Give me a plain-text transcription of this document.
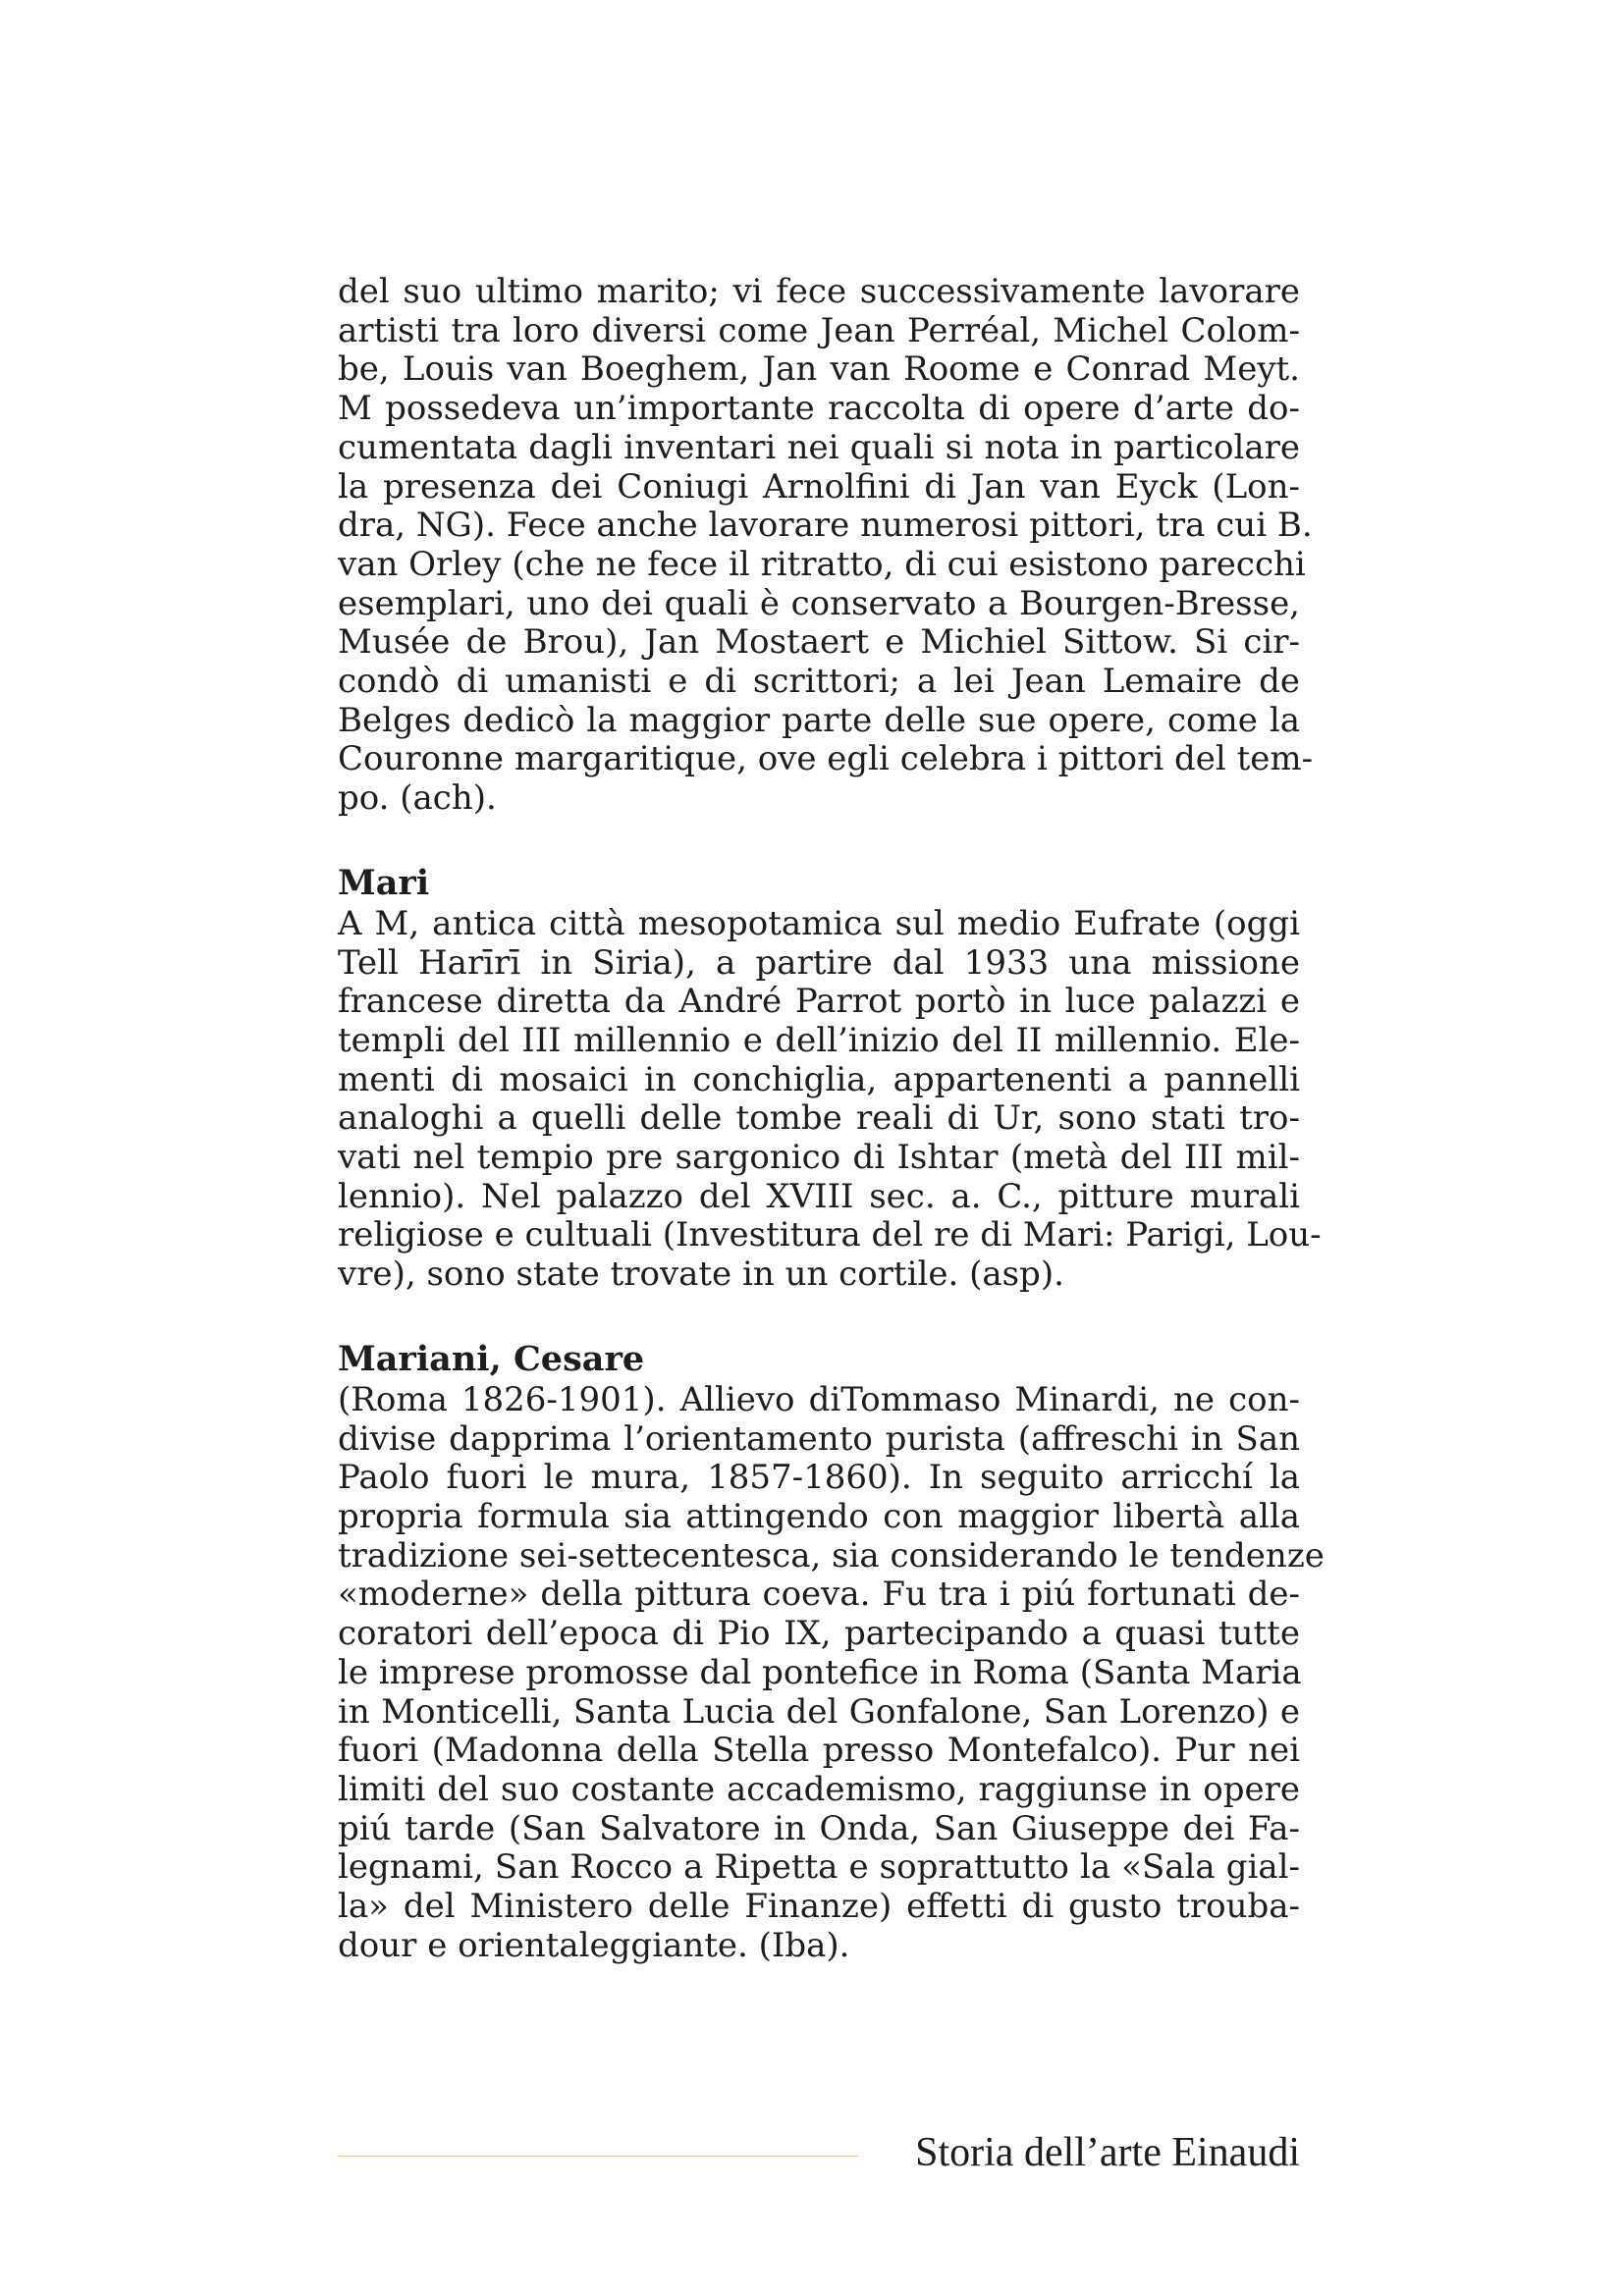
del suo ultimo marito; vi fece successivamente lavorare
artisti tra loro diversi come Jean Perréal, Michel Colom-
be, Louis van Boeghem, Jan van Roome e Conrad Meyt.
M possedeva un’importante raccolta di opere d’arte do-
cumentata dagli inventari nei quali si nota in particolare
la presenza dei Coniugi Arnolfini di Jan van Eyck (Lon-
dra, NG). Fece anche lavorare numerosi pittori, tra cui B.
van Orley (che ne fece il ritratto, di cui esistono parecchi
esemplari, uno dei quali è conservato a Bourgen-Bresse,
Musée de Brou), Jan Mostaert e Michiel Sittow. Si cir-
condò di umanisti e di scrittori; a lei Jean Lemaire de
Belges dedicò la maggior parte delle sue opere, come la
Couronne margaritique, ove egli celebra i pittori del tem-
po. (ach).
Mari
A M, antica città mesopotamica sul medio Eufrate (oggi
Tell Harīrī in Siria), a partire dal 1933 una missione
francese diretta da André Parrot portò in luce palazzi e
templi del III millennio e dell’inizio del II millennio. Ele-
menti di mosaici in conchiglia, appartenenti a pannelli
analoghi a quelli delle tombe reali di Ur, sono stati tro-
vati nel tempio pre sargonico di Ishtar (metà del III mil-
lennio). Nel palazzo del XVIII sec. a. C., pitture murali
religiose e cultuali (Investitura del re di Mari: Parigi, Lou-
vre), sono state trovate in un cortile. (asp).
Mariani, Cesare
(Roma 1826-1901). Allievo diTommaso Minardi, ne con-
divise dapprima l’orientamento purista (affreschi in San
Paolo fuori le mura, 1857-1860). In seguito arricchí la
propria formula sia attingendo con maggior libertà alla
tradizione sei-settecentesca, sia considerando le tendenze
«moderne» della pittura coeva. Fu tra i piú fortunati de-
coratori dell’epoca di Pio IX, partecipando a quasi tutte
le imprese promosse dal pontefice in Roma (Santa Maria
in Monticelli, Santa Lucia del Gonfalone, San Lorenzo) e
fuori (Madonna della Stella presso Montefalco). Pur nei
limiti del suo costante accademismo, raggiunse in opere
piú tarde (San Salvatore in Onda, San Giuseppe dei Fa-
legnami, San Rocco a Ripetta e soprattutto la «Sala gial-
la» del Ministero delle Finanze) effetti di gusto trouba-
dour e orientaleggiante. (Iba).
Storia dell’arte Einaudi
